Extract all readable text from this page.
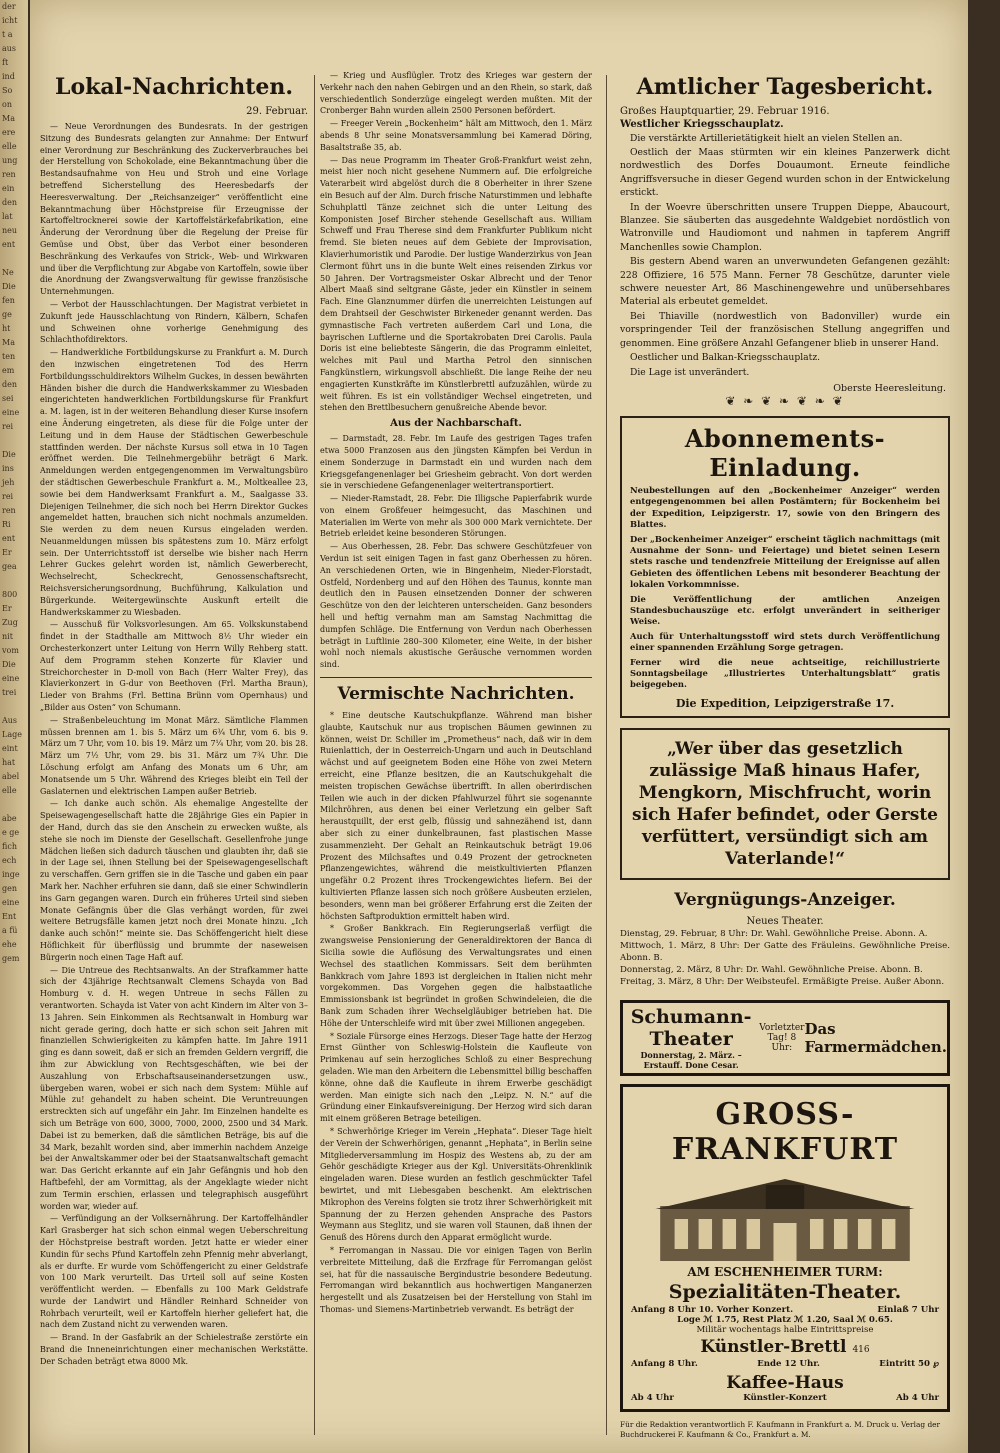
der
icht
t a
aus
ft
ind
So
on
Ma
ere
elle
ung
ren
ein
den
lat
neu
ent

Ne
Die
fen
ge
ht
Ma
ten
em
den
sei
eine
rei

Die
ins
jeh
rei
ren
Ri
ent
Er
gea

800
Er
Zug
nit
vom
Die
eine
trei

Aus
Lage
eint
hat
abel
elle

abe
e ge
fich
ech
inge
gen
eine
Ent
a fü
ehe
gem
Lokal-Nachrichten.
29. Februar.

— Neue Verordnungen des Bundesrats. In der gestrigen Sitzung des Bundesrats gelangten zur Annahme: Der Entwurf einer Verordnung zur Beschränkung des Zuckerverbrauches bei der Herstellung von Schokolade, eine Bekanntmachung über die Bestandsaufnahme von Heu und Stroh und eine Vorlage betreffend Sicherstellung des Heeresbedarfs der Heeresverwaltung. Der „Reichsanzeiger“ veröffentlicht eine Bekanntmachung über Höchstpreise für Erzeugnisse der Kartoffeltrocknerei sowie der Kartoffelstärkefabrikation, eine Änderung der Verordnung über die Regelung der Preise für Gemüse und Obst, über das Verbot einer besonderen Beschränkung des Verkaufes von Strick-, Web- und Wirkwaren und über die Verpflichtung zur Abgabe von Kartoffeln, sowie über die Anordnung der Zwangsverwaltung für gewisse französische Unternehmungen.

— Verbot der Hausschlachtungen. Der Magistrat verbietet in Zukunft jede Hausschlachtung von Rindern, Kälbern, Schafen und Schweinen ohne vorherige Genehmigung des Schlachthofdirektors.

— Handwerkliche Fortbildungskurse zu Frankfurt a. M. Durch den inzwischen eingetretenen Tod des Herrn Fortbildungsschuldirektors Wilhelm Guckes, in dessen bewährten Händen bisher die durch die Handwerkskammer zu Wiesbaden eingerichteten handwerklichen Fortbildungskurse für Frankfurt a. M. lagen, ist in der weiteren Behandlung dieser Kurse insofern eine Änderung eingetreten, als diese für die Folge unter der Leitung und in dem Hause der Städtischen Gewerbeschule stattfinden werden. Der nächste Kursus soll etwa in 10 Tagen eröffnet werden. Die Teilnehmergebühr beträgt 6 Mark. Anmeldungen werden entgegengenommen im Verwaltungsbüro der städtischen Gewerbeschule Frankfurt a. M., Moltkeallee 23, sowie bei dem Handwerksamt Frankfurt a. M., Saalgasse 33. Diejenigen Teilnehmer, die sich noch bei Herrn Direktor Guckes angemeldet hatten, brauchen sich nicht nochmals anzumelden. Sie werden zu dem neuen Kursus eingeladen werden. Neuanmeldungen müssen bis spätestens zum 10. März erfolgt sein. Der Unterrichtsstoff ist derselbe wie bisher nach Herrn Lehrer Guckes gelehrt worden ist, nämlich Gewerberecht, Wechselrecht, Scheckrecht, Genossenschaftsrecht, Reichsversicherungsordnung, Buchführung, Kalkulation und Bürgerkunde. Weitergewünschte Auskunft erteilt die Handwerkskammer zu Wiesbaden.

— Ausschuß für Volksvorlesungen. Am 65. Volkskunstabend findet in der Stadthalle am Mittwoch 8½ Uhr wieder ein Orchesterkonzert unter Leitung von Herrn Willy Rehberg statt. Auf dem Programm stehen Konzerte für Klavier und Streichorchester in D-moll von Bach (Herr Walter Frey), das Klavierkonzert in G-dur von Beethoven (Frl. Martha Braun), Lieder von Brahms (Frl. Bettina Brünn vom Opernhaus) und „Bilder aus Osten“ von Schumann.

— Straßenbeleuchtung im Monat März. Sämtliche Flammen müssen brennen am 1. bis 5. März um 6¾ Uhr, vom 6. bis 9. März um 7 Uhr, vom 10. bis 19. März um 7¼ Uhr, vom 20. bis 28. März um 7½ Uhr, vom 29. bis 31. März um 7¾ Uhr. Die Löschung erfolgt am Anfang des Monats um 6 Uhr, am Monatsende um 5 Uhr. Während des Krieges bleibt ein Teil der Gaslaternen und elektrischen Lampen außer Betrieb.

— Ich danke auch schön. Als ehemalige Angestellte der Speisewagengesellschaft hatte die 28jährige Gies ein Papier in der Hand, durch das sie den Anschein zu erwecken wußte, als stehe sie noch im Dienste der Gesellschaft. Gesellenfrohe junge Mädchen ließen sich dadurch täuschen und glaubten ihr, daß sie in der Lage sei, ihnen Stellung bei der Speisewagengesellschaft zu verschaffen. Gern griffen sie in die Tasche und gaben ein paar Mark her. Nachher erfuhren sie dann, daß sie einer Schwindlerin ins Garn gegangen waren. Durch ein früheres Urteil sind sieben Monate Gefängnis über die Glas verhängt worden, für zwei weitere Betrugsfälle kamen jetzt noch drei Monate hinzu. „Ich danke auch schön!“ meinte sie. Das Schöffengericht hielt diese Höflichkeit für überflüssig und brummte der naseweisen Bürgerin noch einen Tage Haft auf.

— Die Untreue des Rechtsanwalts. An der Strafkammer hatte sich der 43jährige Rechtsanwalt Clemens Schayda von Bad Homburg v. d. H. wegen Untreue in sechs Fällen zu verantworten. Schayda ist Vater von acht Kindern im Alter von 3–13 Jahren. Sein Einkommen als Rechtsanwalt in Homburg war nicht gerade gering, doch hatte er sich schon seit Jahren mit finanziellen Schwierigkeiten zu kämpfen hatte. Im Jahre 1911 ging es dann soweit, daß er sich an fremden Geldern vergriff, die ihm zur Abwicklung von Rechtsgeschäften, wie bei der Auszahlung von Erbschaftsauseinandersetzungen usw., übergeben waren, wobei er sich nach dem System: Mühle auf Mühle zu! gehandelt zu haben scheint. Die Veruntreuungen erstreckten sich auf ungefähr ein Jahr. Im Einzelnen handelte es sich um Beträge von 600, 3000, 7000, 2000, 2500 und 34 Mark. Dabei ist zu bemerken, daß die sämtlichen Beträge, bis auf die 34 Mark, bezahlt worden sind, aber immerhin nachdem Anzeige bei der Anwaltskammer oder bei der Staatsanwaltschaft gemacht war. Das Gericht erkannte auf ein Jahr Gefängnis und hob den Haftbefehl, der am Vormittag, als der Angeklagte wieder nicht zum Termin erschien, erlassen und telegraphisch ausgeführt worden war, wieder auf.

— Verfündigung an der Volksernährung. Der Kartoffelhändler Karl Grasberger hat sich schon einmal wegen Ueberschreitung der Höchstpreise bestraft worden. Jetzt hatte er wieder einer Kundin für sechs Pfund Kartoffeln zehn Pfennig mehr abverlangt, als er durfte. Er wurde vom Schöffengericht zu einer Geldstrafe von 100 Mark verurteilt. Das Urteil soll auf seine Kosten veröffentlicht werden. — Ebenfalls zu 100 Mark Geldstrafe wurde der Landwirt und Händler Reinhard Schneider von Rohrbach verurteilt, weil er Kartoffeln hierher geliefert hat, die nach dem Zustand nicht zu verwenden waren.

— Brand. In der Gasfabrik an der Schielestraße zerstörte ein Brand die Inneneinrichtungen einer mechanischen Werkstätte. Der Schaden beträgt etwa 8000 Mk.

— Krieg und Ausflügler. Trotz des Krieges war gestern der Verkehr nach den nahen Gebirgen und an den Rhein, so stark, daß verschiedentlich Sonderzüge eingelegt werden mußten. Mit der Cronberger Bahn wurden allein 2500 Personen befördert.

— Freeger Verein „Bockenheim“ hält am Mittwoch, den 1. März abends 8 Uhr seine Monatsversammlung bei Kamerad Döring, Basaltstraße 35, ab.

— Das neue Programm im Theater Groß-Frankfurt weist zehn, meist hier noch nicht gesehene Nummern auf. Die erfolgreiche Vaterarbeit wird abgelöst durch die 8 Oberheiter in ihrer Szene ein Besuch auf der Alm. Durch frische Naturstimmen und lebhafte Schuhplattl Tänze zeichnet sich die unter Leitung des Komponisten Josef Bircher stehende Gesellschaft aus. William Schweff und Frau Therese sind dem Frankfurter Publikum nicht fremd. Sie bieten neues auf dem Gebiete der Improvisation, Klavierhumoristik und Parodie. Der lustige Wanderzirkus von Jean Clermont führt uns in die bunte Welt eines reisenden Zirkus vor 50 Jahren. Der Vortragsmeister Oskar Albrecht und der Tenor Albert Maaß sind seltgrane Gäste, jeder ein Künstler in seinem Fach. Eine Glanznummer dürfen die unerreichten Leistungen auf dem Drahtseil der Geschwister Birkeneder genannt werden. Das gymnastische Fach vertreten außerdem Carl und Lona, die bayrischen Luftlerne und die Sportakrobaten Drei Carolis. Paula Doris ist eine beliebteste Sängerin, die das Programm einleitet, welches mit Paul und Martha Petrol den sinnischen Fangkünstlern, wirkungsvoll abschließt. Die lange Reihe der neu engagierten Kunstkräfte im Künstlerbrettl aufzuzählen, würde zu weit führen. Es ist ein vollständiger Wechsel eingetreten, und stehen den Brettlbesuchern genußreiche Abende bevor.

Aus der Nachbarschaft.

— Darmstadt, 28. Febr. Im Laufe des gestrigen Tages trafen etwa 5000 Franzosen aus den jüngsten Kämpfen bei Verdun in einem Sonderzuge in Darmstadt ein und wurden nach dem Kriegsgefangenenlager bei Griesheim gebracht. Von dort werden sie in verschiedene Gefangenenlager weitertransportiert.

— Nieder-Ramstadt, 28. Febr. Die Illigsche Papierfabrik wurde von einem Großfeuer heimgesucht, das Maschinen und Materialien im Werte von mehr als 300 000 Mark vernichtete. Der Betrieb erleidet keine besonderen Störungen.

— Aus Oberhessen, 28. Febr. Das schwere Geschützfeuer von Verdun ist seit einigen Tagen in fast ganz Oberhessen zu hören. An verschiedenen Orten, wie in Bingenheim, Nieder-Florstadt, Ostfeld, Nordenberg und auf den Höhen des Taunus, konnte man deutlich den in Pausen einsetzenden Donner der schweren Geschütze von den der leichteren unterscheiden. Ganz besonders hell und heftig vernahm man am Samstag Nachmittag die dumpfen Schläge. Die Entfernung von Verdun nach Oberhessen beträgt in Luftlinie 280–300 Kilometer, eine Weite, in der bisher wohl noch niemals akustische Geräusche vernommen worden sind.

Vermischte Nachrichten.

* Eine deutsche Kautschukpflanze. Während man bisher glaubte, Kautschuk nur aus tropischen Bäumen gewinnen zu können, weist Dr. Schiller im „Prometheus“ nach, daß wir in dem Ruienlattich, der in Oesterreich-Ungarn und auch in Deutschland wächst und auf geeignetem Boden eine Höhe von zwei Metern erreicht, eine Pflanze besitzen, die an Kautschukgehalt die meisten tropischen Gewächse übertrifft. In allen oberirdischen Teilen wie auch in der dicken Pfahlwurzel führt sie sogenannte Milchröhren, aus denen bei einer Verletzung ein gelber Saft heraustquillt, der erst gelb, flüssig und sahnezähend ist, dann aber sich zu einer dunkelbraunen, fast plastischen Masse zusammenzieht. Der Gehalt an Reinkautschuk beträgt 19.06 Prozent des Milchsaftes und 0.49 Prozent der getrockneten Pflanzengewichtes, während die meistkultivierten Pflanzen ungefähr 0.2 Prozent ihres Trockengewichtes liefern. Bei der kultivierten Pflanze lassen sich noch größere Ausbeuten erzielen, besonders, wenn man bei größerer Erfahrung erst die Zeiten der höchsten Saftproduktion ermittelt haben wird.

* Großer Bankkrach. Ein Regierungserlaß verfügt die zwangsweise Pensionierung der Generaldirektoren der Banca di Sicilia sowie die Auflösung des Verwaltungsrates und einen Wechsel des staatlichen Kommissars. Seit dem berühmten Bankkrach vom Jahre 1893 ist dergleichen in Italien nicht mehr vorgekommen. Das Vorgehen gegen die halbstaatliche Emmissionsbank ist begründet in großen Schwindeleien, die die Bank zum Schaden ihrer Wechselgläubiger betrieben hat. Die Höhe der Unterschleife wird mit über zwei Millionen angegeben.

* Soziale Fürsorge eines Herzogs. Dieser Tage hatte der Herzog Ernst Günther von Schleswig-Holstein die Kaufleute von Primkenau auf sein herzogliches Schloß zu einer Besprechung geladen. Wie man den Arbeitern die Lebensmittel billig beschaffen könne, ohne daß die Kaufleute in ihrem Erwerbe geschädigt werden. Man einigte sich nach den „Leipz. N. N.“ auf die Gründung einer Einkaufsvereinigung. Der Herzog wird sich daran mit einem größeren Betrage beteiligen.

* Schwerhörige Krieger im Verein „Hephata“. Dieser Tage hielt der Verein der Schwerhörigen, genannt „Hephata“, in Berlin seine Mitgliederversammlung im Hospiz des Westens ab, zu der am Gehör geschädigte Krieger aus der Kgl. Universitäts-Ohrenklinik eingeladen waren. Diese wurden an festlich geschmückter Tafel bewirtet, und mit Liebesgaben beschenkt. Am elektrischen Mikrophon des Vereins folgten sie trotz ihrer Schwerhörigkeit mit Spannung der zu Herzen gehenden Ansprache des Pastors Weymann aus Steglitz, und sie waren voll Staunen, daß ihnen der Genuß des Hörens durch den Apparat ermöglicht wurde.

* Ferromangan in Nassau. Die vor einigen Tagen von Berlin verbreitete Mitteilung, daß die Erzfrage für Ferromangan gelöst sei, hat für die nassauische Bergindustrie besondere Bedeutung. Ferromangan wird bekanntlich aus hochwertigen Manganerzen hergestellt und als Zusatzeisen bei der Herstellung von Stahl im Thomas- und Siemens-Martinbetrieb verwandt. Es beträgt der

Amtlicher Tagesbericht.

Großes Hauptquartier, 29. Februar 1916.

Westlicher Kriegsschauplatz.

Die verstärkte Artillerietätigkeit hielt an vielen Stellen an.

Oestlich der Maas stürmten wir ein kleines Panzerwerk dicht nordwestlich des Dorfes Douaumont. Erneute feindliche Angriffsversuche in dieser Gegend wurden schon in der Entwickelung erstickt.

In der Woevre überschritten unsere Truppen Dieppe, Abaucourt, Blanzee. Sie säuberten das ausgedehnte Waldgebiet nordöstlich von Watronville und Haudiomont und nahmen in tapferem Angriff Manchenlles sowie Champlon.

Bis gestern Abend waren an unverwundeten Gefangenen gezählt: 228 Offiziere, 16 575 Mann. Ferner 78 Geschütze, darunter viele schwere neuester Art, 86 Maschinengewehre und unübersehbares Material als erbeutet gemeldet.

Bei Thiaville (nordwestlich von Badonviller) wurde ein vorspringender Teil der französischen Stellung angegriffen und genommen. Eine größere Anzahl Gefangener blieb in unserer Hand.

Oestlicher und Balkan-Kriegsschauplatz.

Die Lage ist unverändert.

Oberste Heeresleitung.
❦ ❧ ❦ ❧ ❦ ❧ ❦
Abonnements-Einladung.
Neubestellungen auf den „Bockenheimer Anzeiger“ werden entgegengenommen bei allen Postämtern; für Bockenheim bei der Expedition, Leipzigerstr. 17, sowie von den Bringern des Blattes.
Der „Bockenheimer Anzeiger“ erscheint täglich nachmittags (mit Ausnahme der Sonn- und Feiertage) und bietet seinen Lesern stets rasche und tendenzfreie Mitteilung der Ereignisse auf allen Gebieten des öffentlichen Lebens mit besonderer Beachtung der lokalen Vorkommnisse.
Die Veröffentlichung der amtlichen Anzeigen Standesbuchauszüge etc. erfolgt unverändert in seitheriger Weise.
Auch für Unterhaltungsstoff wird stets durch Veröffentlichung einer spannenden Erzählung Sorge getragen.
Ferner wird die neue achtseitige, reichillustrierte Sonntagsbeilage „Illustriertes Unterhaltungsblatt“ gratis beigegeben.
Die Expedition, Leipzigerstraße 17.
„Wer über das gesetzlich zulässige Maß hinaus Hafer, Mengkorn, Mischfrucht, worin sich Hafer befindet, oder Gerste verfüttert, versündigt sich am Vaterlande!“
Vergnügungs-Anzeiger.

Neues Theater.

Dienstag, 29. Februar, 8 Uhr: Dr. Wahl. Gewöhnliche Preise. Abonn. A.

Mittwoch, 1. März, 8 Uhr: Der Gatte des Fräuleins. Gewöhnliche Preise. Abonn. B.

Donnerstag, 2. März, 8 Uhr: Dr. Wahl. Gewöhnliche Preise. Abonn. B.

Freitag, 3. März, 8 Uhr: Der Weibsteufel. Ermäßigte Preise. Außer Abonn.

Schumann-Theater
Donnerstag, 2. März. – Erstauff. Done Cesar.
Vorletzter Tag! 8 Uhr:
Das Farmermädchen.
GROSS-FRANKFURT
AM ESCHENHEIMER TURM:
Spezialitäten-Theater.
Anfang 8 Uhr 10. Vorher Konzert.	Einlaß 7 Uhr
Loge ℳ 1.75, Rest Platz ℳ 1.20, Saal ℳ 0.65.
Militär wochentags halbe Eintrittspreise
Künstler-Brettl 416
Anfang 8 Uhr.	Ende 12 Uhr.	Eintritt 50 ℘
Kaffee-Haus
Ab 4 Uhr	Künstler-Konzert	Ab 4 Uhr
Für die Redaktion verantwortlich F. Kaufmann in Frankfurt a. M. Druck u. Verlag der Buchdruckerei F. Kaufmann & Co., Frankfurt a. M.
